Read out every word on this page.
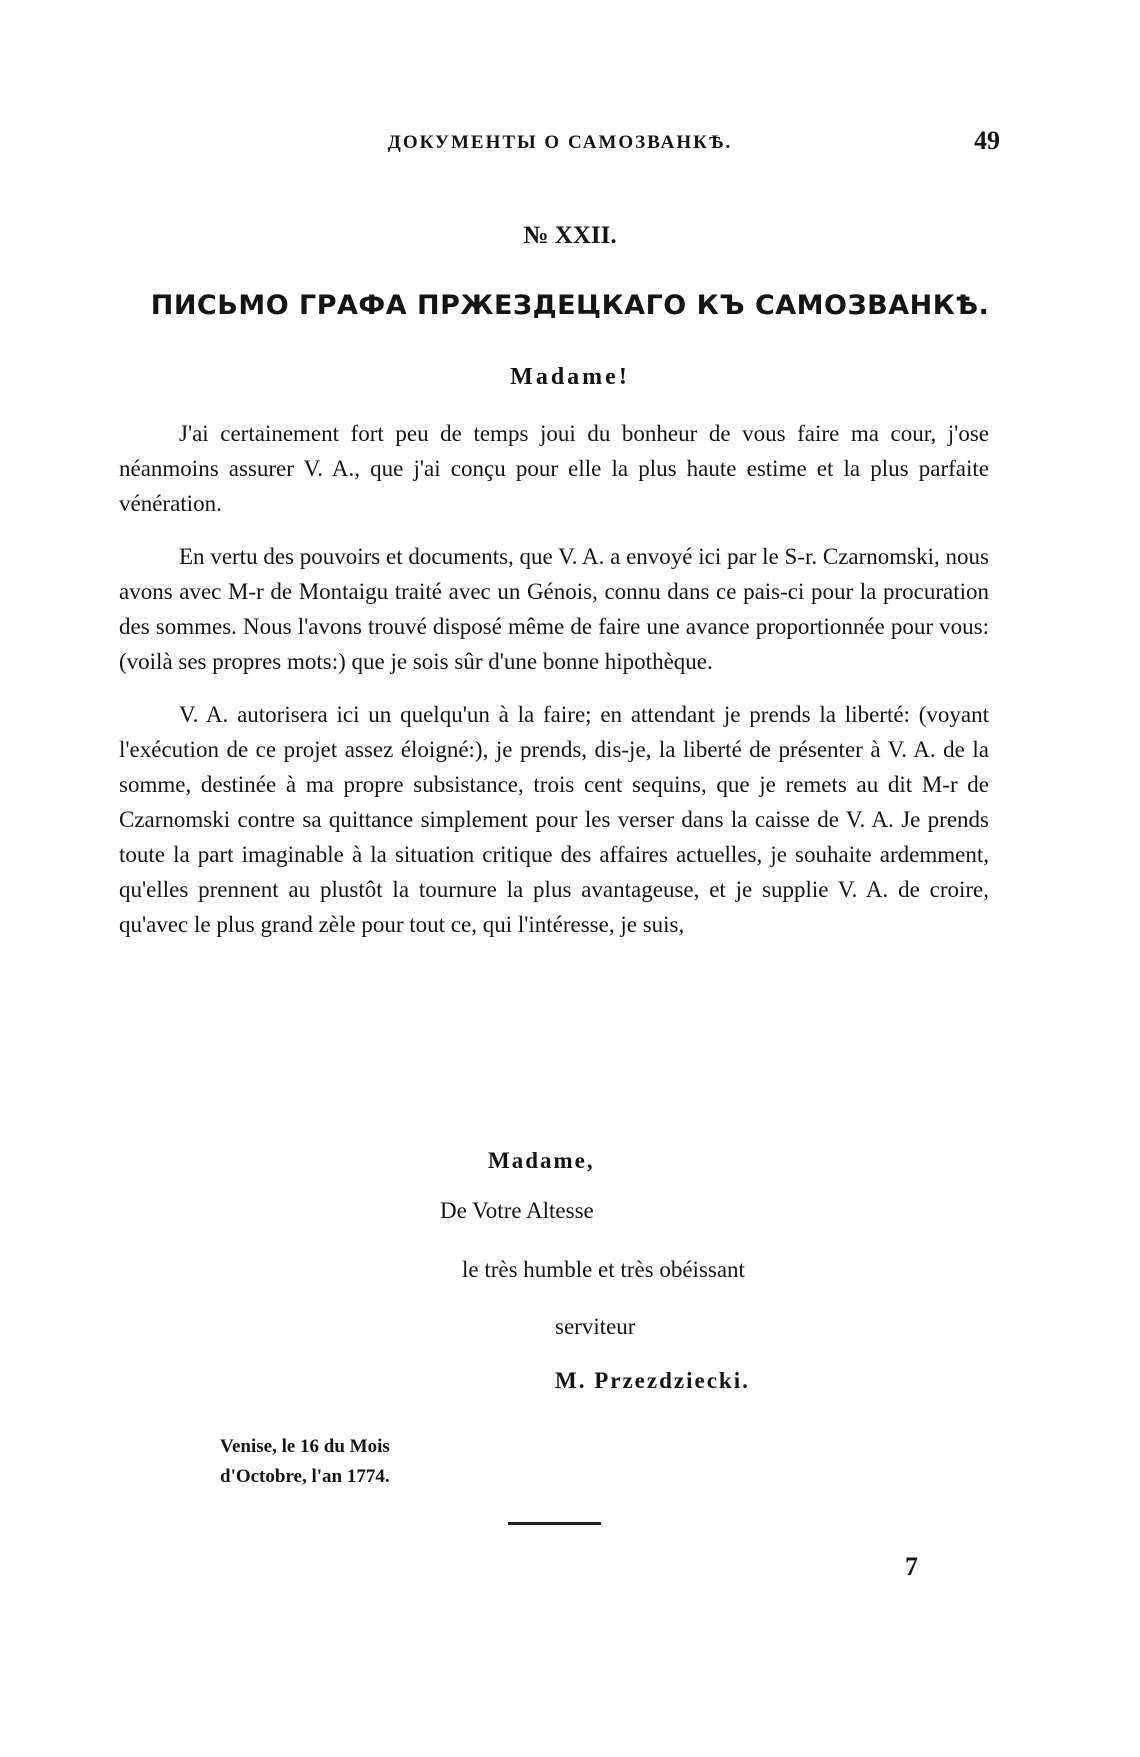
ДОКУМЕНТЫ О САМОЗВАНКѢ.	49
№ XXII.
ПИСЬМО ГРАФА ПРЖЕЗДЕЦКАГО КЪ САМОЗВАНКѢ.
Madame!

J'ai certainement fort peu de temps joui du bonheur de vous faire ma cour, j'ose néanmoins assurer V. A., que j'ai conçu pour elle la plus haute estime et la plus parfaite vénération.

En vertu des pouvoirs et documents, que V. A. a envoyé ici par le S-r. Czarnomski, nous avons avec M-r de Montaigu traité avec un Génois, connu dans ce pais-ci pour la procuration des sommes. Nous l'avons trouvé disposé même de faire une avance proportionnée pour vous: (voilà ses propres mots:) que je sois sûr d'une bonne hipothèque.

V. A. autorisera ici un quelqu'un à la faire; en attendant je prends la liberté: (voyant l'exécution de ce projet assez éloigné:), je prends, dis-je, la liberté de présenter à V. A. de la somme, destinée à ma propre subsistance, trois cent sequins, que je remets au dit M-r de Czarnomski contre sa quittance simplement pour les verser dans la caisse de V. A. Je prends toute la part imaginable à la situation critique des affaires actuelles, je souhaite ardemment, qu'elles prennent au plustôt la tournure la plus avantageuse, et je supplie V. A. de croire, qu'avec le plus grand zèle pour tout ce, qui l'intéresse, je suis,

Madame,
De Votre Altesse
le très humble et très obéissant
serviteur
M. Przezdziecki.
Venise, le 16 du Mois
d'Octobre, l'an 1774.
7
